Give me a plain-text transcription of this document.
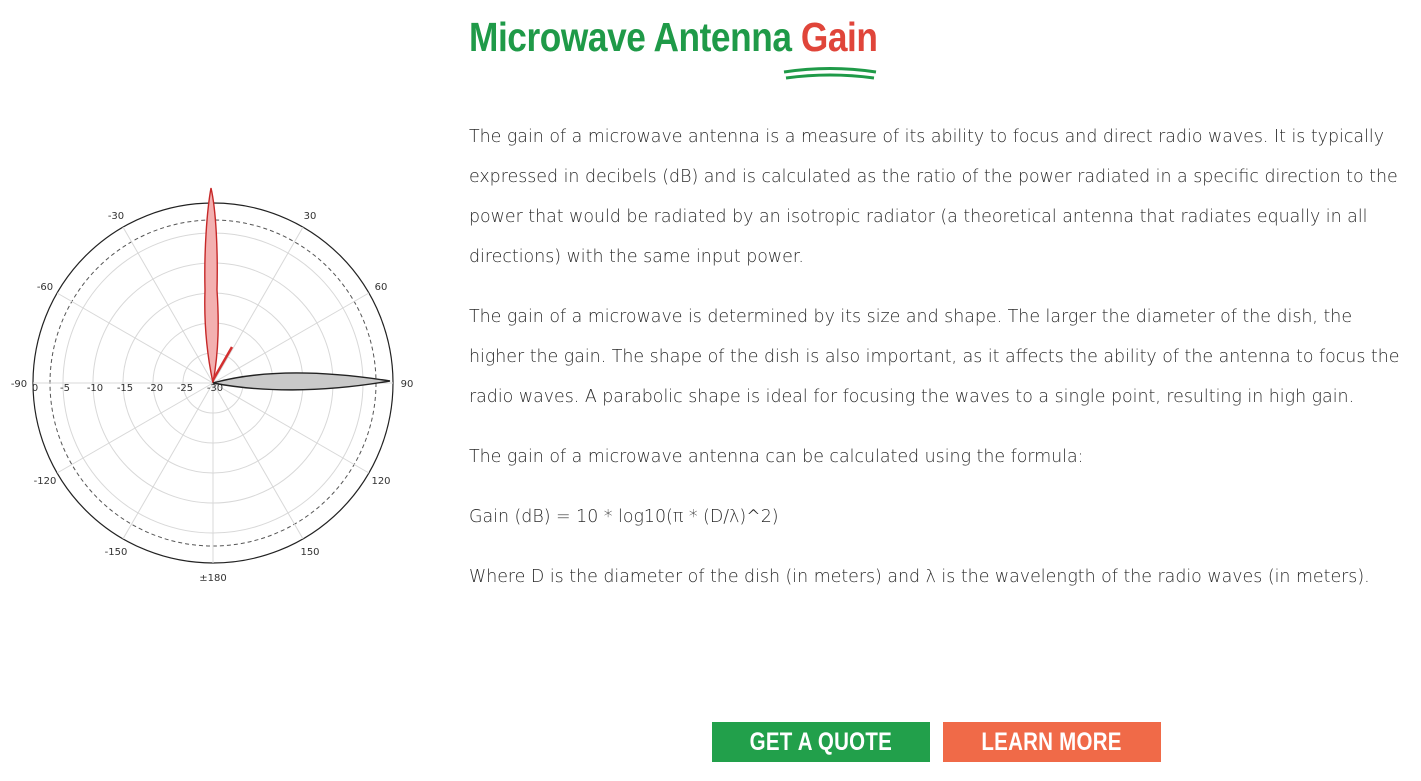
-30	30
-60	60
-90	90
-120	120
-150	150
±180
0 -5 -10 -15 -20 -25 -30
Microwave Antenna Gain

The gain of a microwave antenna is a measure of its ability to focus and direct radio waves. It is typically expressed in decibels (dB) and is calculated as the ratio of the power radiated in a specific direction to the power that would be radiated by an isotropic radiator (a theoretical antenna that radiates equally in all directions) with the same input power.

The gain of a microwave is determined by its size and shape. The larger the diameter of the dish, the higher the gain. The shape of the dish is also important, as it affects the ability of the antenna to focus the radio waves. A parabolic shape is ideal for focusing the waves to a single point, resulting in high gain.

The gain of a microwave antenna can be calculated using the formula:

Gain (dB) = 10 * log10(π * (D/λ)^2)

Where D is the diameter of the dish (in meters) and λ is the wavelength of the radio waves (in meters).

GET A QUOTE	LEARN MORE
